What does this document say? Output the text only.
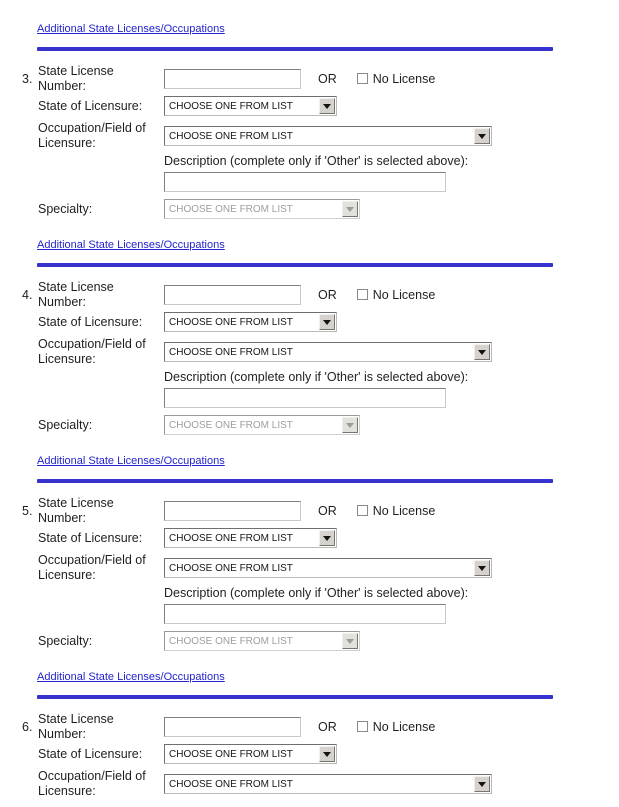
Additional State Licenses/Occupations
3.
State License
Number:	OR	No License
State of Licensure:	CHOOSE ONE FROM LIST
Occupation/Field of
Licensure:	CHOOSE ONE FROM LIST
Description (complete only if 'Other' is selected above):
Specialty:	CHOOSE ONE FROM LIST
Additional State Licenses/Occupations
4.
State License
Number:	OR	No License
State of Licensure:	CHOOSE ONE FROM LIST
Occupation/Field of
Licensure:	CHOOSE ONE FROM LIST
Description (complete only if 'Other' is selected above):
Specialty:	CHOOSE ONE FROM LIST
Additional State Licenses/Occupations
5.
State License
Number:	OR	No License
State of Licensure:	CHOOSE ONE FROM LIST
Occupation/Field of
Licensure:	CHOOSE ONE FROM LIST
Description (complete only if 'Other' is selected above):
Specialty:	CHOOSE ONE FROM LIST
Additional State Licenses/Occupations
6.
State License
Number:	OR	No License
State of Licensure:	CHOOSE ONE FROM LIST
Occupation/Field of
Licensure:	CHOOSE ONE FROM LIST
